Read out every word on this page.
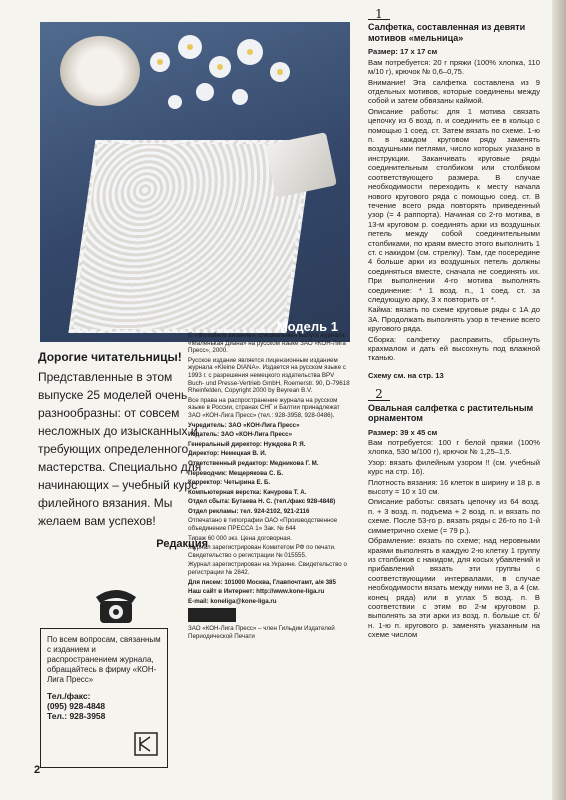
Модель 1
Дорогие читательницы!

Представленные в этом выпуске 25 моделей очень разнообразны: от совсем несложных до изысканных и требующих определенного мастерства. Специально для начинающих – учебный курс филейного вязания. Мы желаем вам успехов!

Редакция
По всем вопросам, связанным с изданием и распространением журнала, обращайтесь в фирму «КОН-Лига Пресс»
Тел./факс:
(095) 928-4848
Тел.: 928-3958
© «Филейное вязание», специальный выпуск журнала «Маленькая Диана» на русском языке ЗАО «КОН-Лига Пресс», 2000.
Русское издание является лицензионным изданием журнала «Kleine DIANA». Издается на русском языке с 1993 г. с разрешения немецкого издательства BPV Buch- und Presse-Vertrieb GmbH, Roemerstr. 90, D-79618 Rheinfelden, Copyright 2000 by Beyrean B.V.
Все права на распространение журнала на русском языке в России, странах СНГ и Балтии принадлежат ЗАО «КОН-Лига Пресс» (тел.: 928-3958, 928-0486).
Учредитель: ЗАО «КОН-Лига Пресс»
Издатель: ЗАО «КОН-Лига Пресс»
Генеральный директор: Нуждова Р. Я.
Директор: Немецкая В. И.
Ответственный редактор: Медникова Г. М.
Переводчик: Мещерякова С. Б.
Корректор: Четырина Е. Б.
Компьютерная верстка: Качурова Т. А.
Отдел сбыта: Бутаева Н. С. (тел./факс 928-4848)
Отдел рекламы: тел. 924-2102, 921-2116
Отпечатано в типографии ОАО «Производственное объединение ПРЕССА 1» Зак. № 644
Тираж 60 000 экз. Цена договорная.
Журнал зарегистрирован Комитетом РФ по печати. Свидетельство о регистрации № 015555.
Журнал зарегистрирован на Украине. Свидетельство о регистрации № 2842.
Для писем: 101000 Москва, Главпочтамт, а/я 385
Наш сайт в Интернет: http://www.kone-liga.ru
E-mail: koneliga@kone-liga.ru
ЗАО «КОН-Лига Пресс» – член Гильдии Издателей Периодической Печати
1
Салфетка, составленная из девяти мотивов «мельница»

Размер: 17 x 17 см

Вам потребуется: 20 г пряжи (100% хлопка, 110 м/10 г), крючок № 0,6–0,75.

Внимание! Эта салфетка составлена из 9 отдельных мотивов, которые соединены между собой и затем обвязаны каймой.

Описание работы: для 1 мотива связать цепочку из 6 возд. п. и соединить ее в кольцо с помощью 1 соед. ст. Затем вязать по схеме. 1-ю п. в каждом круговом ряду заменять воздушными петлями, число которых указано в инструкции. Заканчивать круговые ряды соединительным столбиком или столбиком соответствующего размера. В случае необходимости переходить к месту начала нового кругового ряда с помощью соед. ст. В течение всего ряда повторять приведенный узор (= 4 раппорта). Начиная со 2-го мотива, в 13-м круговом р. соединять арки из воздушных петель между собой соединительными столбиками, по краям вместо этого выполнить 1 ст. с накидом (см. стрелку). Там, где посередине 4 больше арки из воздушных петель должны соединяться вместе, сначала не соединять их. При выполнении 4-го мотива выполнять соединение: * 1 возд. п., 1 соед. ст. за следующую арку, 3 х повторить от *.

Кайма: вязать по схеме круговые ряды с 1А до 3А. Продолжать выполнять узор в течение всего кругового ряда.

Сборка: салфетку расправить, сбрызнуть крахмалом и дать ей высохнуть под влажной тканью.

Схему см. на стр. 13
2
Овальная салфетка с растительным орнаментом

Размер: 39 x 45 см

Вам потребуется: 100 г белой пряжи (100% хлопка, 530 м/100 г), крючок № 1,25–1,5.

Узор: вязать филейным узором !! (см. учебный курс на стр. 16).

Плотность вязания: 16 клеток в ширину и 18 р. в высоту = 10 x 10 см.

Описание работы: связать цепочку из 64 возд. п. + 3 возд. п. подъема + 2 возд. п. и вязать по схеме. После 53-го р. вязать ряды с 26-го по 1-й симметрично схеме (= 79 р.).

Обрамление: вязать по схеме; над неровными краями выполнять в каждую 2-ю клетку 1 группу из столбиков с накидом, для косых убавлений и прибавлений вязать эти группы с соответствующими интервалами, в случае необходимости вязать между ними не 3, а 4 (см. конец ряда) или в углах 5 возд. п. В соответствии с этим во 2-м круговом р. выполнять за эти арки из возд. п. больше ст. б/н. 1-ю п. кругового р. заменять указанным на схеме числом

2
